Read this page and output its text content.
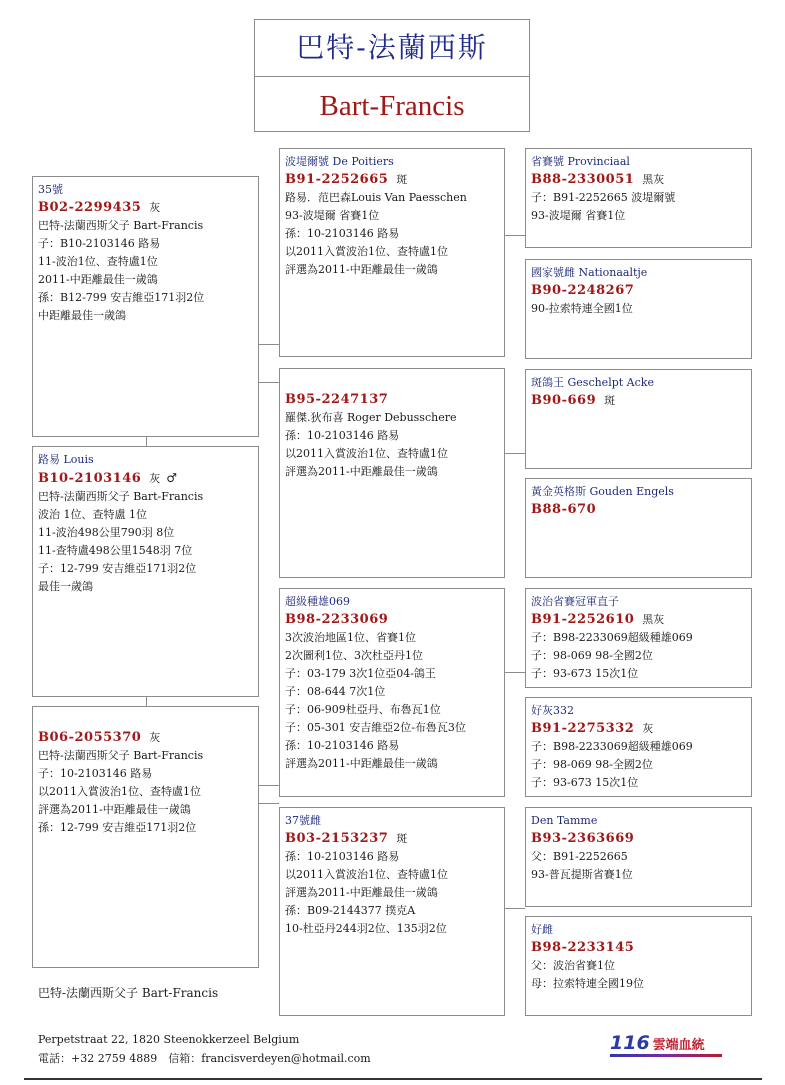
巴特-法蘭西斯
Bart-Francis
35號
B02-2299435 灰
巴特-法蘭西斯父子 Bart-Francis
子：B10-2103146 路易
11-波治1位、查特盧1位
2011-中距離最佳一歲鴿
孫：B12-799 安吉維亞171羽2位
中距離最佳一歲鴿
路易 Louis
B10-2103146 灰 ♂
巴特-法蘭西斯父子 Bart-Francis
波治 1位、查特盧 1位
11-波治498公里790羽 8位
11-查特盧498公里1548羽 7位
子：12-799 安吉維亞171羽2位
最佳一歲鴿
B06-2055370 灰
巴特-法蘭西斯父子 Bart-Francis
子：10-2103146 路易
以2011入賞波治1位、查特盧1位
評選為2011-中距離最佳一歲鴿
孫：12-799 安吉維亞171羽2位
波堤爾號 De Poitiers
B91-2252665 斑
路易．范巴森Louis Van Paesschen
93-波堤爾 省賽1位
孫：10-2103146 路易
以2011入賞波治1位、查特盧1位
評選為2011-中距離最佳一歲鴿
B95-2247137
羅傑.狄布喜 Roger Debusschere
孫：10-2103146 路易
以2011入賞波治1位、查特盧1位
評選為2011-中距離最佳一歲鴿
超級種雄069
B98-2233069
3次波治地區1位、省賽1位
2次圖利1位、3次杜亞丹1位
子：03-179 3次1位亞04-鴿王
子：08-644 7次1位
子：06-909杜亞丹、布魯瓦1位
子：05-301 安吉維亞2位-布魯瓦3位
孫：10-2103146 路易
評選為2011-中距離最佳一歲鴿
37號雌
B03-2153237 斑
孫：10-2103146 路易
以2011入賞波治1位、查特盧1位
評選為2011-中距離最佳一歲鴿
孫：B09-2144377 撲克A
10-杜亞丹244羽2位、135羽2位
省賽號 Provinciaal
B88-2330051 黑灰
子：B91-2252665 波堤爾號
93-波堤爾 省賽1位
國家號雌 Nationaaltje
B90-2248267
90-拉索特連全國1位
斑鴿王 Geschelpt Acke
B90-669 斑
黃金英格斯 Gouden Engels
B88-670
波治省賽冠軍直子
B91-2252610 黑灰
子：B98-2233069超級種雄069
子：98-069 98-全國2位
子：93-673 15次1位
好灰332
B91-2275332 灰
子：B98-2233069超級種雄069
子：98-069 98-全國2位
子：93-673 15次1位
Den Tamme
B93-2363669
父：B91-2252665
93-普瓦提斯省賽1位
好雌
B98-2233145
父：波治省賽1位
母：拉索特連全國19位
巴特-法蘭西斯父子 Bart-Francis
Perpetstraat 22, 1820 Steenokkerzeel Belgium
電話：+32 2759 4889　信箱：francisverdeyen@hotmail.com
116 雲端血統
